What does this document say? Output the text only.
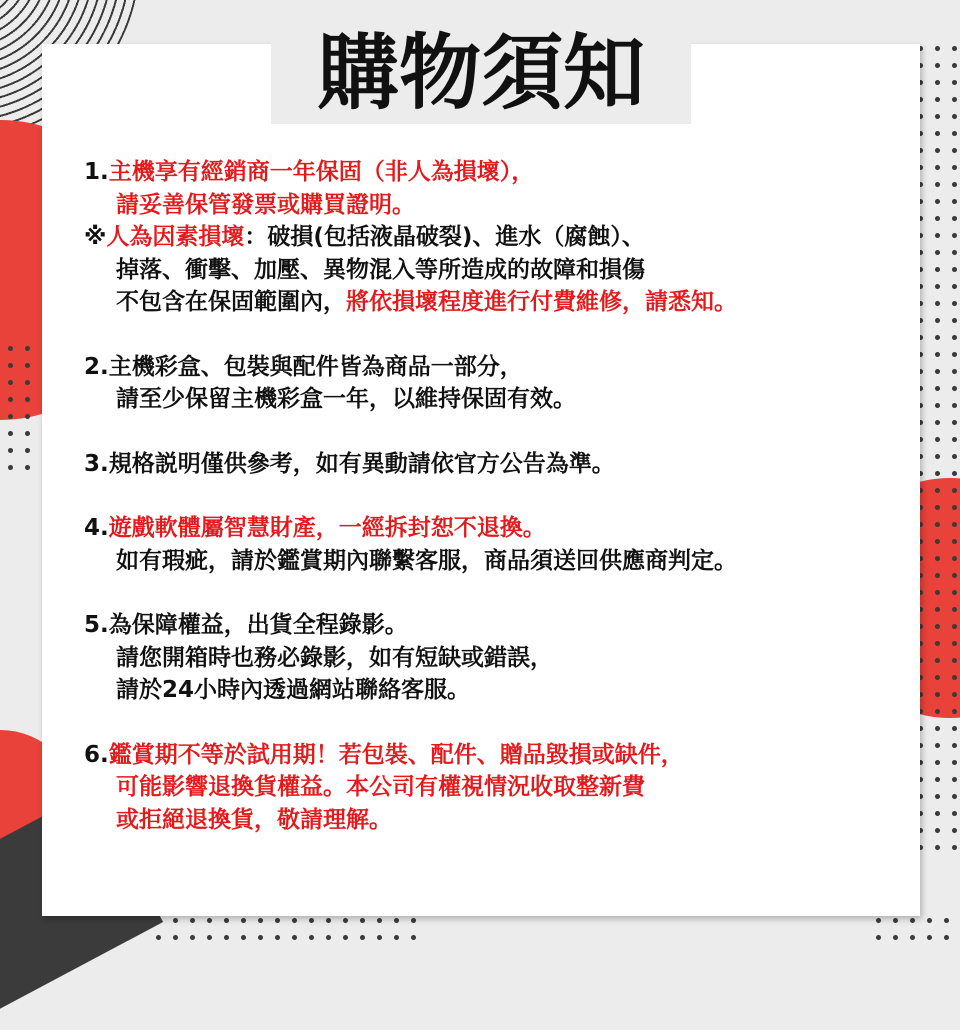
購物須知
1.主機享有經銷商一年保固（非人為損壞），
請妥善保管發票或購買證明。
※人為因素損壞：破損(包括液晶破裂)、進水（腐蝕）、
掉落、衝擊、加壓、異物混入等所造成的故障和損傷
不包含在保固範圍內，將依損壞程度進行付費維修，請悉知。
2.主機彩盒、包裝與配件皆為商品一部分，
請至少保留主機彩盒一年，以維持保固有效。
3.規格説明僅供參考，如有異動請依官方公告為準。
4.遊戲軟體屬智慧財產，一經拆封恕不退換。
如有瑕疵，請於鑑賞期內聯繫客服，商品須送回供應商判定。
5.為保障權益，出貨全程錄影。
請您開箱時也務必錄影，如有短缺或錯誤，
請於24小時內透過網站聯絡客服。
6.鑑賞期不等於試用期！若包裝、配件、贈品毀損或缺件，
可能影響退換貨權益。本公司有權視情況收取整新費
或拒絕退換貨，敬請理解。
